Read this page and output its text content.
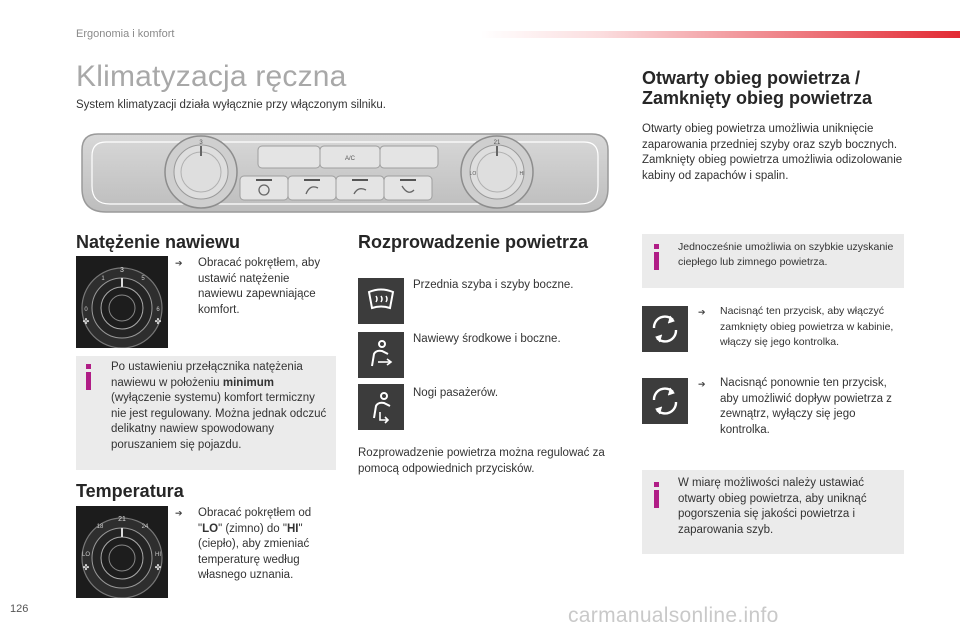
Ergonomia i komfort
Klimatyzacja ręczna
System klimatyzacji działa wyłącznie przy włączonym silniku.
3	21
LO	HI
A/C
Natężenie nawiewu
3
1	5
0	6
✤	✤
➔ Obracać pokrętłem, aby ustawić natężenie nawiewu zapewniające komfort.
Po ustawieniu przełącznika natężenia nawiewu w położeniu minimum (wyłączenie systemu) komfort termiczny nie jest regulowany. Można jednak odczuć delikatny nawiew spowodowany poruszaniem się pojazdu.
Temperatura
21
18	24
LO	HI
✤	✤
➔ Obracać pokrętłem od "LO" (zimno) do "HI" (ciepło), aby zmieniać temperaturę według własnego uznania.
Rozprowadzenie powietrza
Przednia szyba i szyby boczne.
Nawiewy środkowe i boczne.
Nogi pasażerów.
Rozprowadzenie powietrza można regulować za pomocą odpowiednich przycisków.
Otwarty obieg powietrza /
Zamknięty obieg powietrza
Otwarty obieg powietrza umożliwia uniknięcie zaparowania przedniej szyby oraz szyb bocznych.
Zamknięty obieg powietrza umożliwia odizolowanie kabiny od zapachów i spalin.
Jednocześnie umożliwia on szybkie uzyskanie ciepłego lub zimnego powietrza.
➔ Nacisnąć ten przycisk, aby włączyć zamknięty obieg powietrza w kabinie, włączy się jego kontrolka.
➔ Nacisnąć ponownie ten przycisk, aby umożliwić dopływ powietrza z zewnątrz, wyłączy się jego kontrolka.
W miarę możliwości należy ustawiać otwarty obieg powietrza, aby uniknąć pogorszenia się jakości powietrza i zaparowania szyb.
126	carmanualsonline.info
